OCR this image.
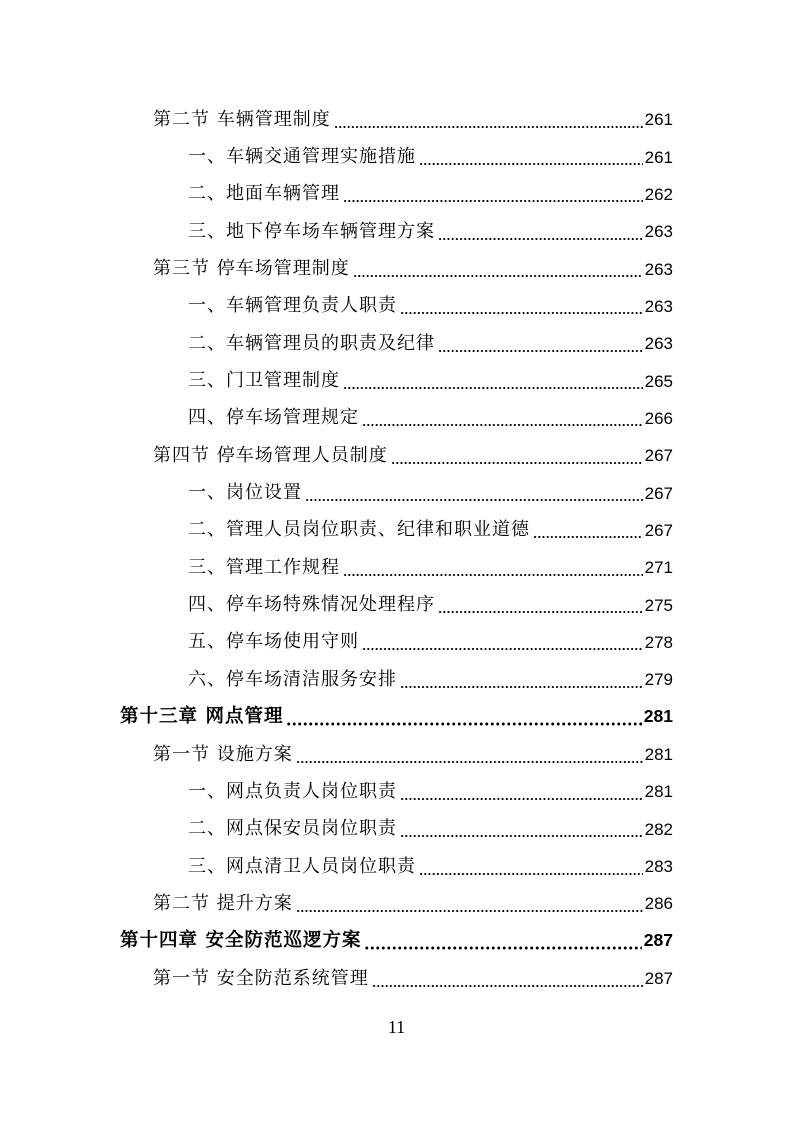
第二节 车辆管理制度	261
一、车辆交通管理实施措施	261
二、地面车辆管理	262
三、地下停车场车辆管理方案	263
第三节 停车场管理制度	263
一、车辆管理负责人职责	263
二、车辆管理员的职责及纪律	263
三、门卫管理制度	265
四、停车场管理规定	266
第四节 停车场管理人员制度	267
一、岗位设置	267
二、管理人员岗位职责、纪律和职业道德	267
三、管理工作规程	271
四、停车场特殊情况处理程序	275
五、停车场使用守则	278
六、停车场清洁服务安排	279
第十三章 网点管理	281
第一节 设施方案	281
一、网点负责人岗位职责	281
二、网点保安员岗位职责	282
三、网点清卫人员岗位职责	283
第二节 提升方案	286
第十四章 安全防范巡逻方案	287
第一节 安全防范系统管理	287
11
